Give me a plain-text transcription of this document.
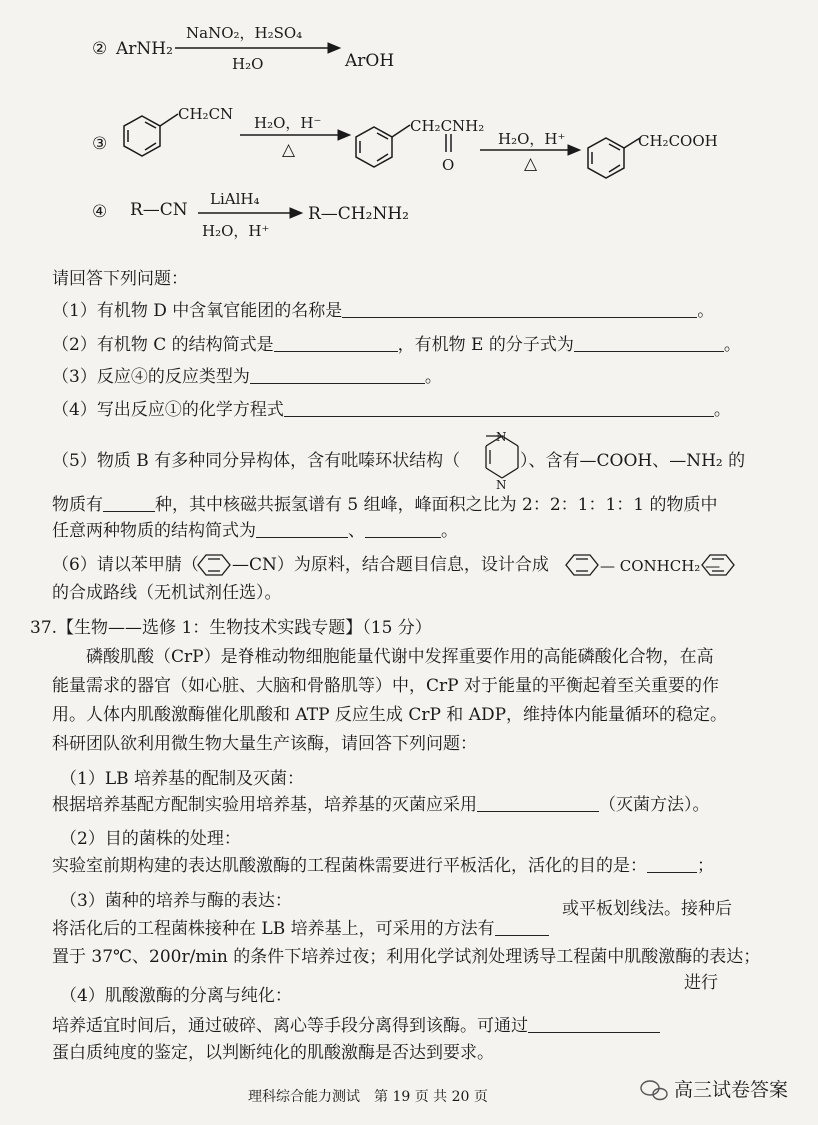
② ArNH₂
NaNO₂，H₂SO₄
H₂O	ArOH
③
CH₂CN H₂O，H⁻
△
CH₂CNH₂
O
H₂O，H⁺
△
CH₂COOH
④ R—CN
LiAlH₄
H₂O，H⁺
R—CH₂NH₂
请回答下列问题：
（1）有机物 D 中含氧官能团的名称是	。
（2）有机物 C 的结构简式是	，有机物 E 的分子式为	。
（3）反应④的反应类型为	。
（4）写出反应①的化学方程式	。
（5）物质 B 有多种同分异构体，含有吡嗪环状结构（
N
N
）、含有—COOH、—NH₂ 的
物质有	种，其中核磁共振氢谱有 5 组峰，峰面积之比为 2：2：1：1：1 的物质中
任意两种物质的结构简式为	、	。
（6）请以苯甲腈（ —CN）为原料，结合题目信息，设计合成	— CONHCH₂ —
的合成路线（无机试剂任选）。
37.【生物——选修 1：生物技术实践专题】（15 分）
磷酸肌酸（CrP）是脊椎动物细胞能量代谢中发挥重要作用的高能磷酸化合物，在高
能量需求的器官（如心脏、大脑和骨骼肌等）中，CrP 对于能量的平衡起着至关重要的作
用。人体内肌酸激酶催化肌酸和 ATP 反应生成 CrP 和 ADP，维持体内能量循环的稳定。
科研团队欲利用微生物大量生产该酶，请回答下列问题：
（1）LB 培养基的配制及灭菌：
根据培养基配方配制实验用培养基，培养基的灭菌应采用	（灭菌方法）。
（2）目的菌株的处理：
实验室前期构建的表达肌酸激酶的工程菌株需要进行平板活化，活化的目的是：	；
（3）菌种的培养与酶的表达：	或平板划线法。接种后
将活化后的工程菌株接种在 LB 培养基上，可采用的方法有
置于 37℃、200r/min 的条件下培养过夜；利用化学试剂处理诱导工程菌中肌酸激酶的表达；
（4）肌酸激酶的分离与纯化：
进行
培养适宜时间后，通过破碎、离心等手段分离得到该酶。可通过
蛋白质纯度的鉴定，以判断纯化的肌酸激酶是否达到要求。
理科综合能力测试　第 19 页 共 20 页	高三试卷答案
